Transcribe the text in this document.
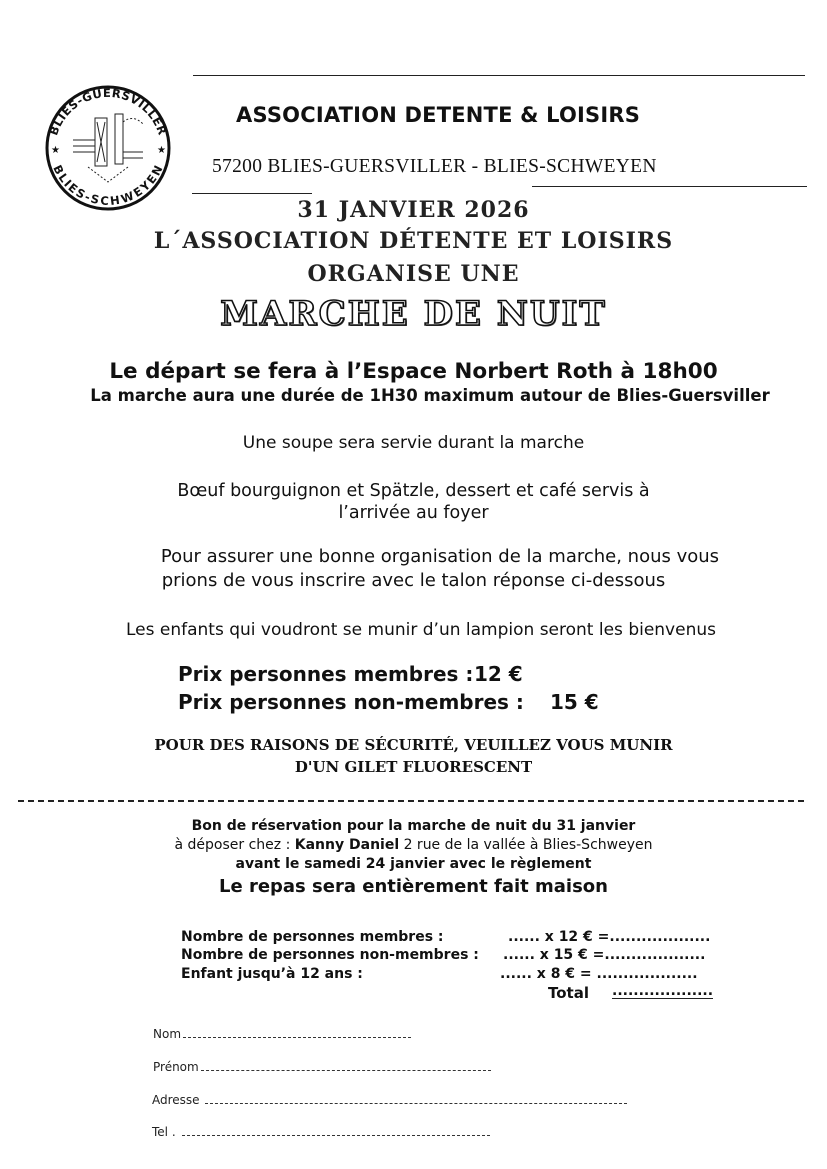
BLIES-GUERSVILLER
BLIES-SCHWEYEN
★	★
ASSOCIATION DETENTE & LOISIRS
57200 BLIES-GUERSVILLER - BLIES-SCHWEYEN
31 JANVIER 2026
L´ASSOCIATION DÉTENTE ET LOISIRS
ORGANISE UNE
MARCHE DE NUIT
Le départ se fera à l’Espace Norbert Roth à 18h00
La marche aura une durée de 1H30 maximum autour de Blies-Guersviller
Une soupe sera servie durant la marche
Bœuf bourguignon et Spätzle, dessert et café servis à
l’arrivée au foyer
Pour assurer une bonne organisation de la marche, nous vous
prions de vous inscrire avec le talon réponse ci-dessous
Les enfants qui voudront se munir d’un lampion seront les bienvenus
Prix personnes membres : 12 €
Prix personnes non-membres : 15 €
POUR DES RAISONS DE SÉCURITÉ, VEUILLEZ VOUS MUNIR
D'UN GILET FLUORESCENT
Bon de réservation pour la marche de nuit du 31 janvier
à déposer chez : Kanny Daniel 2 rue de la vallée à Blies-Schweyen
avant le samedi 24 janvier avec le règlement
Le repas sera entièrement fait maison
Nombre de personnes membres :	...... x 12 € =...................
Nombre de personnes non-membres : ...... x 15 € =...................
Enfant jusqu’à 12 ans :	...... x 8 € = ...................
Total ...................
Nom
Prénom
Adresse
Tel .
